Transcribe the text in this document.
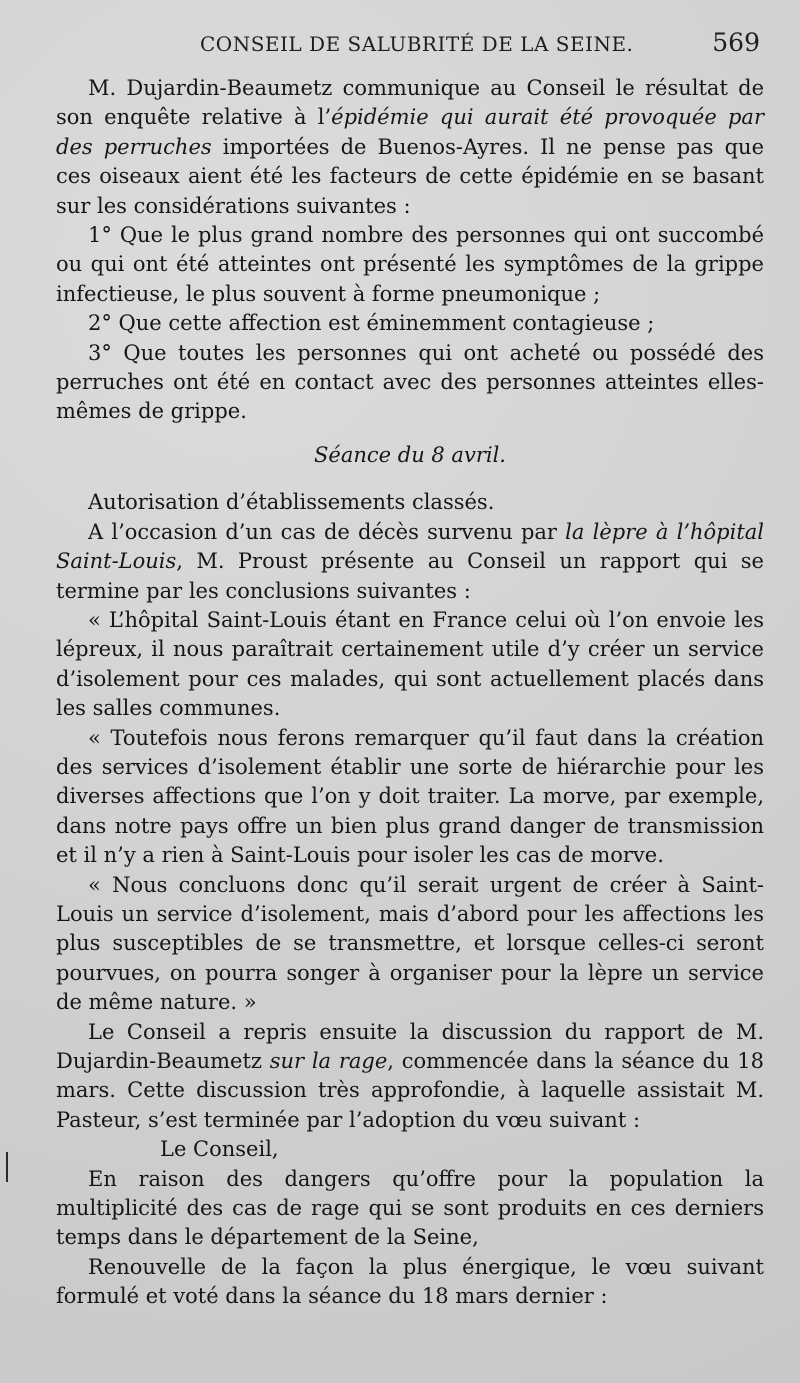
CONSEIL DE SALUBRITÉ DE LA SEINE.	569

M. Dujardin-Beaumetz communique au Conseil le résultat de son enquête relative à l’épidémie qui aurait été provoquée par des perruches importées de Buenos-Ayres. Il ne pense pas que ces oiseaux aient été les facteurs de cette épidémie en se basant sur les considérations suivantes :

1° Que le plus grand nombre des personnes qui ont succombé ou qui ont été atteintes ont présenté les symptômes de la grippe infectieuse, le plus souvent à forme pneumonique ;

2° Que cette affection est éminemment contagieuse ;

3° Que toutes les personnes qui ont acheté ou possédé des perruches ont été en contact avec des personnes atteintes elles-mêmes de grippe.

Séance du 8 avril.

Autorisation d’établissements classés.

A l’occasion d’un cas de décès survenu par la lèpre à l’hôpital Saint-Louis, M. Proust présente au Conseil un rapport qui se termine par les conclusions suivantes :

« L’hôpital Saint-Louis étant en France celui où l’on envoie les lépreux, il nous paraîtrait certainement utile d’y créer un service d’isolement pour ces malades, qui sont actuellement placés dans les salles communes.

« Toutefois nous ferons remarquer qu’il faut dans la création des services d’isolement établir une sorte de hiérarchie pour les diverses affections que l’on y doit traiter. La morve, par exemple, dans notre pays offre un bien plus grand danger de transmission et il n’y a rien à Saint-Louis pour isoler les cas de morve.

« Nous concluons donc qu’il serait urgent de créer à Saint-Louis un service d’isolement, mais d’abord pour les affections les plus susceptibles de se transmettre, et lorsque celles-ci seront pourvues, on pourra songer à organiser pour la lèpre un service de même nature. »

Le Conseil a repris ensuite la discussion du rapport de M. Dujardin-Beaumetz sur la rage, commencée dans la séance du 18 mars. Cette discussion très approfondie, à laquelle assistait M. Pasteur, s’est terminée par l’adoption du vœu suivant :

Le Conseil,

En raison des dangers qu’offre pour la population la multiplicité des cas de rage qui se sont produits en ces derniers temps dans le département de la Seine,

Renouvelle de la façon la plus énergique, le vœu suivant formulé et voté dans la séance du 18 mars dernier :
